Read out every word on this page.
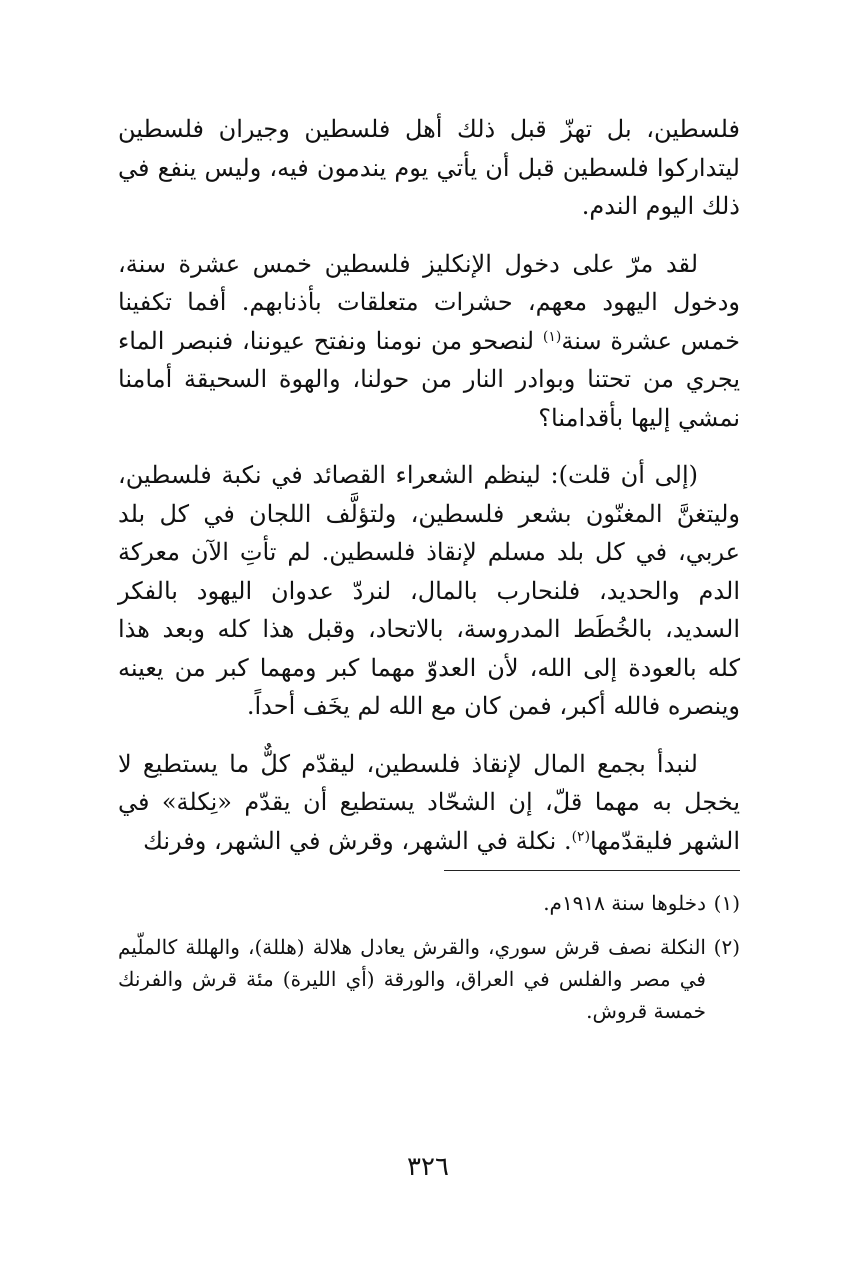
فلسطين، بل تهزّ قبل ذلك أهل فلسطين وجيران فلسطين ليتداركوا فلسطين قبل أن يأتي يوم يندمون فيه، وليس ينفع في ذلك اليوم الندم.

لقد مرّ على دخول الإنكليز فلسطين خمس عشرة سنة، ودخول اليهود معهم، حشرات متعلقات بأذنابهم. أفما تكفينا خمس عشرة سنة$^{(١)}$ لنصحو من نومنا ونفتح عيوننا، فنبصر الماء يجري من تحتنا وبوادر النار من حولنا، والهوة السحيقة أمامنا نمشي إليها بأقدامنا؟

(إلى أن قلت): لينظم الشعراء القصائد في نكبة فلسطين، وليتغنَّ المغنّون بشعر فلسطين، ولتؤلَّف اللجان في كل بلد عربي، في كل بلد مسلم لإنقاذ فلسطين. لم تأتِ الآن معركة الدم والحديد، فلنحارب بالمال، لنردّ عدوان اليهود بالفكر السديد، بالخُطَط المدروسة، بالاتحاد، وقبل هذا كله وبعد هذا كله بالعودة إلى الله، لأن العدوّ مهما كبر ومهما كبر من يعينه وينصره فالله أكبر، فمن كان مع الله لم يخَف أحداً.

لنبدأ بجمع المال لإنقاذ فلسطين، ليقدّم كلٌّ ما يستطيع لا يخجل به مهما قلّ، إن الشحّاد يستطيع أن يقدّم «نِكلة» في الشهر فليقدّمها$^{(٢)}$. نكلة في الشهر، وقرش في الشهر، وفرنك

(١)
دخلوها سنة ١٩١٨م.
(٢)
النكلة نصف قرش سوري، والقرش يعادل هلالة (هللة)، والهللة كالملّيم في مصر والفلس في العراق، والورقة (أي الليرة) مئة قرش والفرنك خمسة قروش.
٣٢٦
